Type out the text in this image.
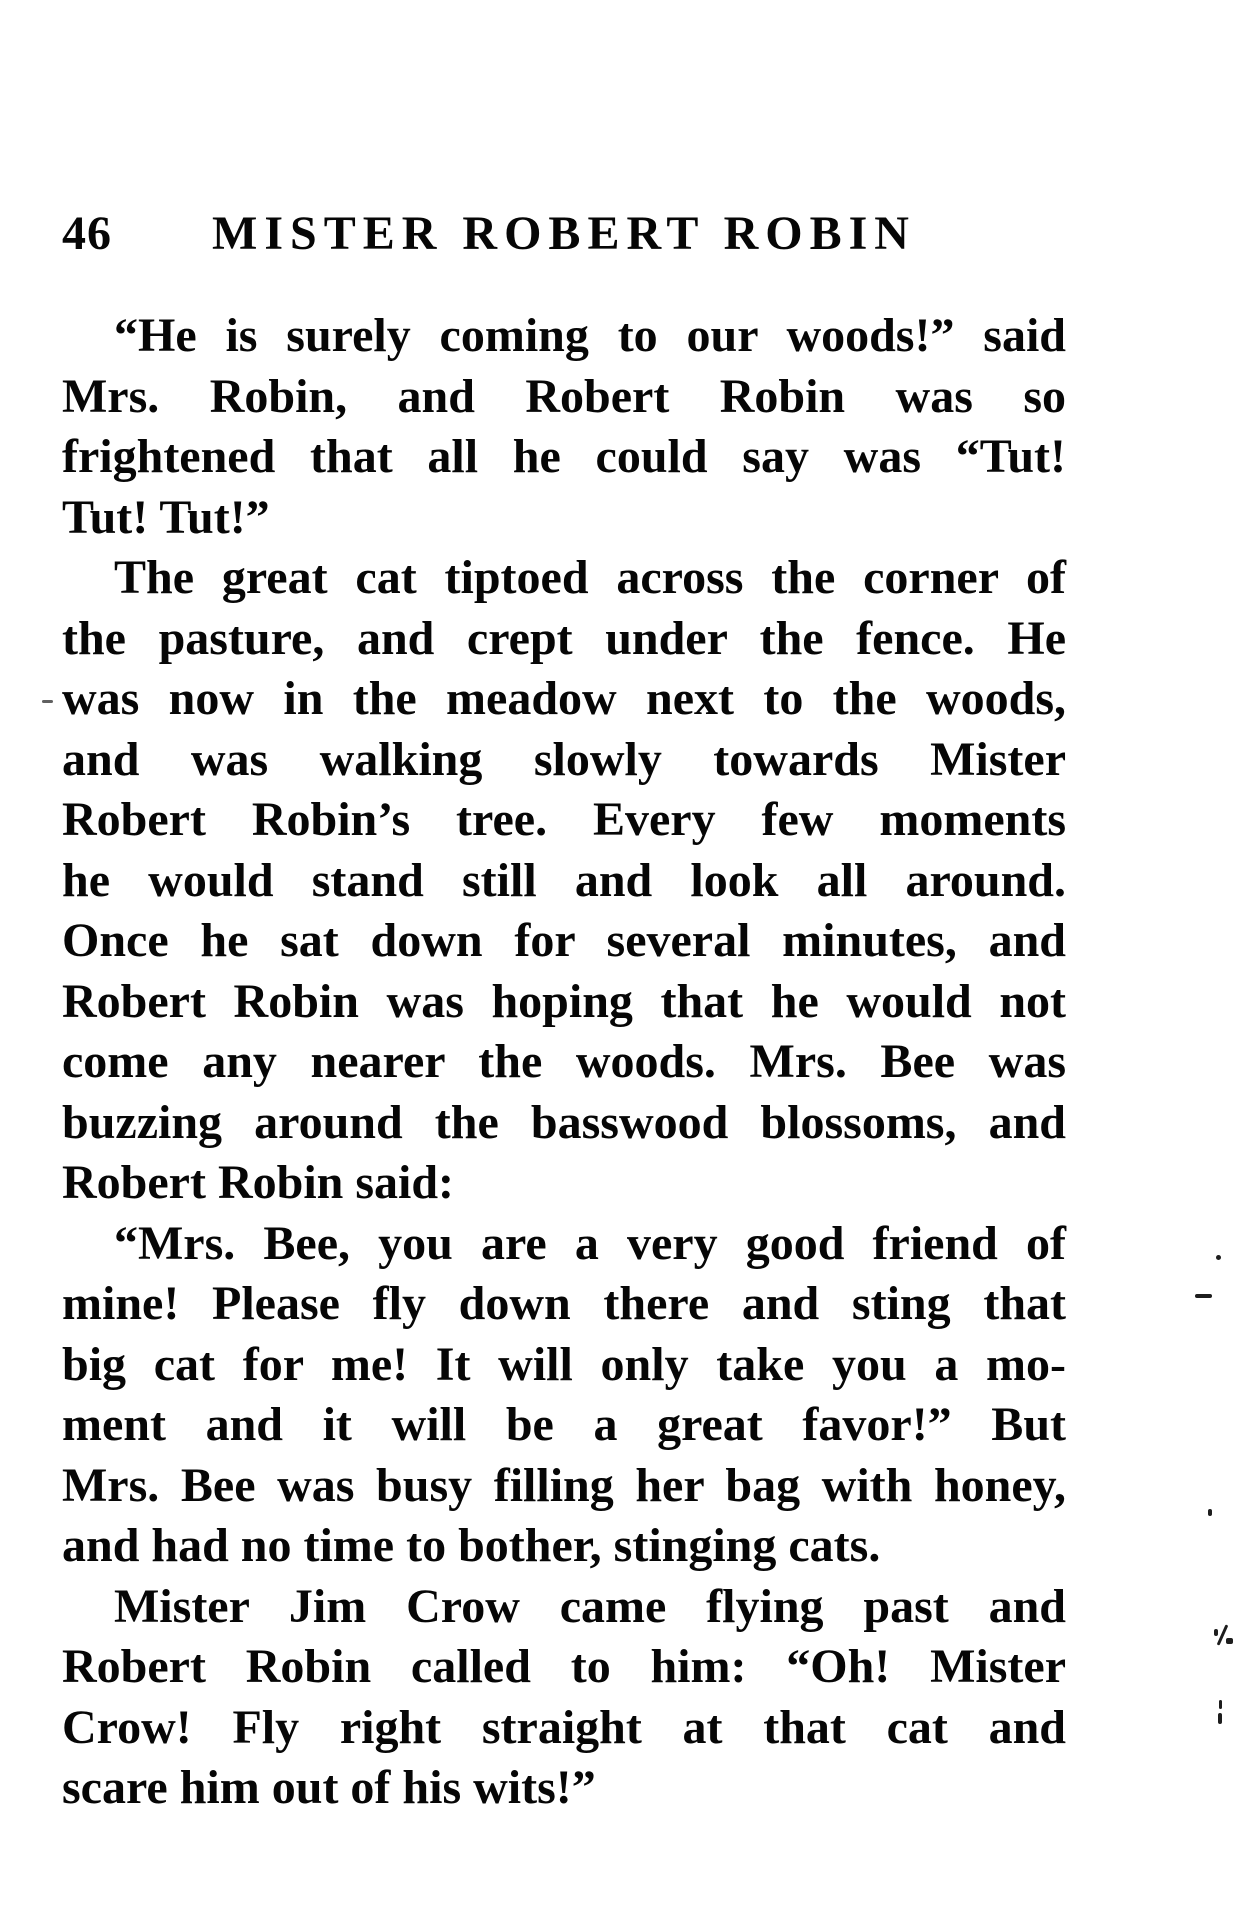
46	MISTER ROBERT ROBIN
“He is surely coming to our woods!” said
Mrs. Robin, and Robert Robin was so
frightened that all he could say was “Tut!
Tut! Tut!”
The great cat tiptoed across the corner of
the pasture, and crept under the fence. He
was now in the meadow next to the woods,
and was walking slowly towards Mister
Robert Robin’s tree. Every few moments
he would stand still and look all around.
Once he sat down for several minutes, and
Robert Robin was hoping that he would not
come any nearer the woods. Mrs. Bee was
buzzing around the basswood blossoms, and
Robert Robin said:
“Mrs. Bee, you are a very good friend of
mine! Please fly down there and sting that
big cat for me! It will only take you a mo-
ment and it will be a great favor!” But
Mrs. Bee was busy filling her bag with honey,
and had no time to bother, stinging cats.
Mister Jim Crow came flying past and
Robert Robin called to him: “Oh! Mister
Crow! Fly right straight at that cat and
scare him out of his wits!”
